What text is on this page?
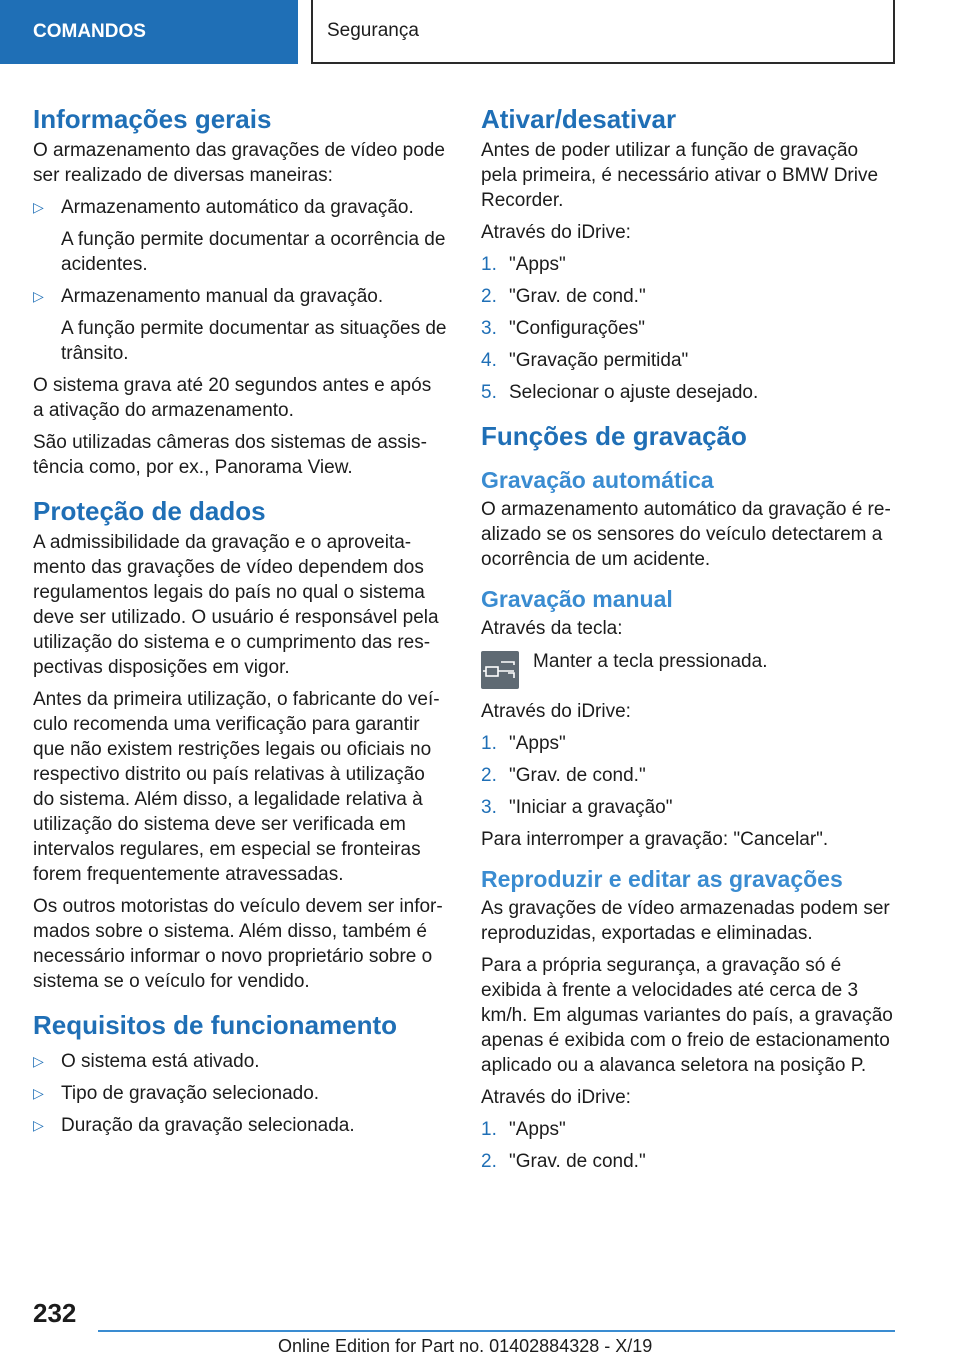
COMANDOS	Segurança
Informações gerais

O armazenamento das gravações de vídeo pode ser realizado de diversas maneiras:

▷ Armazenamento automático da gravação.
A função permite documentar a ocorrência de acidentes.
▷ Armazenamento manual da gravação.
A função permite documentar as situações de trânsito.

O sistema grava até 20 segundos antes e após a ativação do armazenamento.

São utilizadas câmeras dos sistemas de assistência como, por ex., Panorama View.

Proteção de dados

A admissibilidade da gravação e o aproveitamento das gravações de vídeo dependem dos regulamentos legais do país no qual o sistema deve ser utilizado. O usuário é responsável pela utilização do sistema e o cumprimento das respectivas disposições em vigor.

Antes da primeira utilização, o fabricante do veículo recomenda uma verificação para garantir que não existem restrições legais ou oficiais no respectivo distrito ou país relativas à utilização do sistema. Além disso, a legalidade relativa à utilização do sistema deve ser verificada em intervalos regulares, em especial se fronteiras forem frequentemente atravessadas.

Os outros motoristas do veículo devem ser informados sobre o sistema. Além disso, também é necessário informar o novo proprietário sobre o sistema se o veículo for vendido.

Requisitos de funcionamento
▷ O sistema está ativado.
▷ Tipo de gravação selecionado.
▷ Duração da gravação selecionada.
Ativar/desativar

Antes de poder utilizar a função de gravação pela primeira, é necessário ativar o BMW Drive Recorder.

Através do iDrive:

1. "Apps"
2. "Grav. de cond."
3. "Configurações"
4. "Gravação permitida"
5. Selecionar o ajuste desejado.
Funções de gravação
Gravação automática

O armazenamento automático da gravação é realizado se os sensores do veículo detectarem a ocorrência de um acidente.

Gravação manual

Através da tecla:

Manter a tecla pressionada.

Através do iDrive:

1. "Apps"
2. "Grav. de cond."
3. "Iniciar a gravação"

Para interromper a gravação: "Cancelar".

Reproduzir e editar as gravações

As gravações de vídeo armazenadas podem ser reproduzidas, exportadas e eliminadas.

Para a própria segurança, a gravação só é exibida à frente a velocidades até cerca de 3 km/h. Em algumas variantes do país, a gravação apenas é exibida com o freio de estacionamento aplicado ou a alavanca seletora na posição P.

Através do iDrive:

1. "Apps"
2. "Grav. de cond."
232
Online Edition for Part no. 01402884328 - X/19
